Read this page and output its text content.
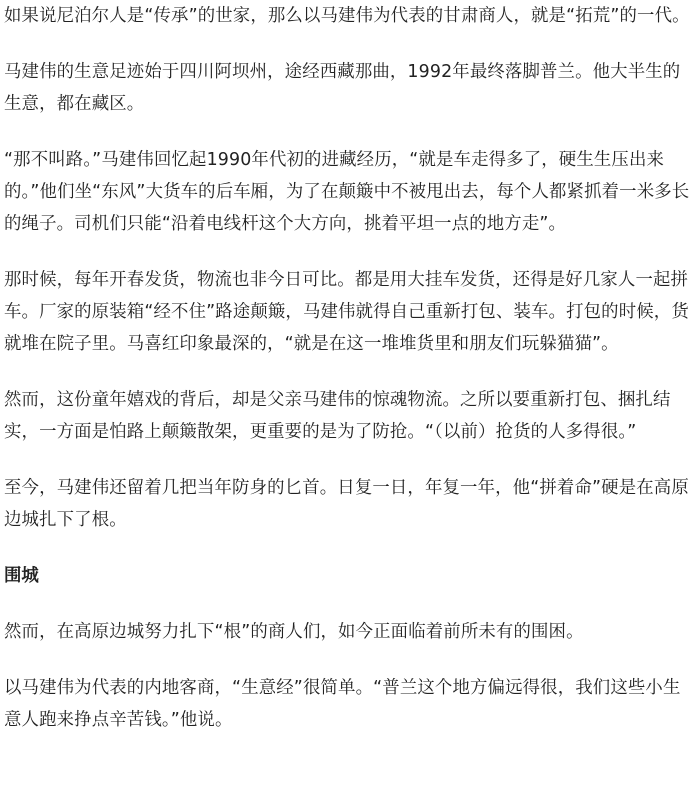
如果说尼泊尔人是“传承”的世家，那么以马建伟为代表的甘肃商人，就是“拓荒”的一代。

马建伟的生意足迹始于四川阿坝州，途经西藏那曲，1992年最终落脚普兰。他大半生的生意，都在藏区。

“那不叫路。”马建伟回忆起1990年代初的进藏经历，“就是车走得多了，硬生生压出来的。”他们坐“东风”大货车的后车厢，为了在颠簸中不被甩出去，每个人都紧抓着一米多长的绳子。司机们只能“沿着电线杆这个大方向，挑着平坦一点的地方走”。

那时候，每年开春发货，物流也非今日可比。都是用大挂车发货，还得是好几家人一起拼车。厂家的原装箱“经不住”路途颠簸，马建伟就得自己重新打包、装车。打包的时候，货就堆在院子里。马喜红印象最深的，“就是在这一堆堆货里和朋友们玩躲猫猫”。

然而，这份童年嬉戏的背后，却是父亲马建伟的惊魂物流。之所以要重新打包、捆扎结实，一方面是怕路上颠簸散架，更重要的是为了防抢。“（以前）抢货的人多得很。”

至今，马建伟还留着几把当年防身的匕首。日复一日，年复一年，他“拼着命”硬是在高原边城扎下了根。

围城

然而，在高原边城努力扎下“根”的商人们，如今正面临着前所未有的围困。

以马建伟为代表的内地客商，“生意经”很简单。“普兰这个地方偏远得很，我们这些小生意人跑来挣点辛苦钱。”他说。
